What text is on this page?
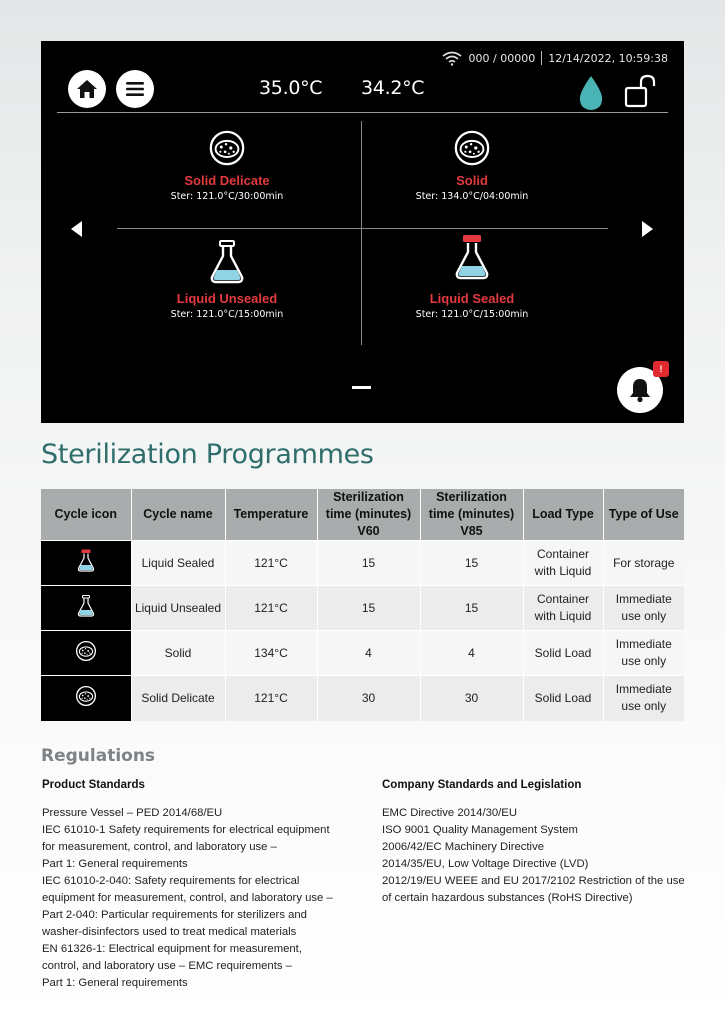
000 / 00000 12/14/2022, 10:59:38
35.0°C 34.2°C
Solid Delicate
Ster: 121.0°C/30:00min
Solid
Ster: 134.0°C/04:00min
Liquid Unsealed
Ster: 121.0°C/15:00min
Liquid Sealed
Ster: 121.0°C/15:00min
!
Sterilization Programmes
Cycle icon	Cycle name	Temperature	Sterilization time (minutes) V60	Sterilization time (minutes) V85	Load Type	Type of Use
	Liquid Sealed	121°C	15	15	Container with Liquid	For storage
	Liquid Unsealed	121°C	15	15	Container with Liquid	Immediate use only
	Solid	134°C	4	4	Solid Load	Immediate use only
	Solid Delicate	121°C	30	30	Solid Load	Immediate use only
Regulations
Product Standards

Pressure Vessel – PED 2014/68/EU

IEC 61010-1 Safety requirements for electrical equipment

for measurement, control, and laboratory use –

Part 1: General requirements

IEC 61010-2-040: Safety requirements for electrical

equipment for measurement, control, and laboratory use –

Part 2-040: Particular requirements for sterilizers and

washer-disinfectors used to treat medical materials

EN 61326-1: Electrical equipment for measurement,

control, and laboratory use – EMC requirements –

Part 1: General requirements

Company Standards and Legislation

EMC Directive 2014/30/EU

ISO 9001 Quality Management System

2006/42/EC Machinery Directive

2014/35/EU, Low Voltage Directive (LVD)

2012/19/EU WEEE and EU 2017/2102 Restriction of the use

of certain hazardous substances (RoHS Directive)
